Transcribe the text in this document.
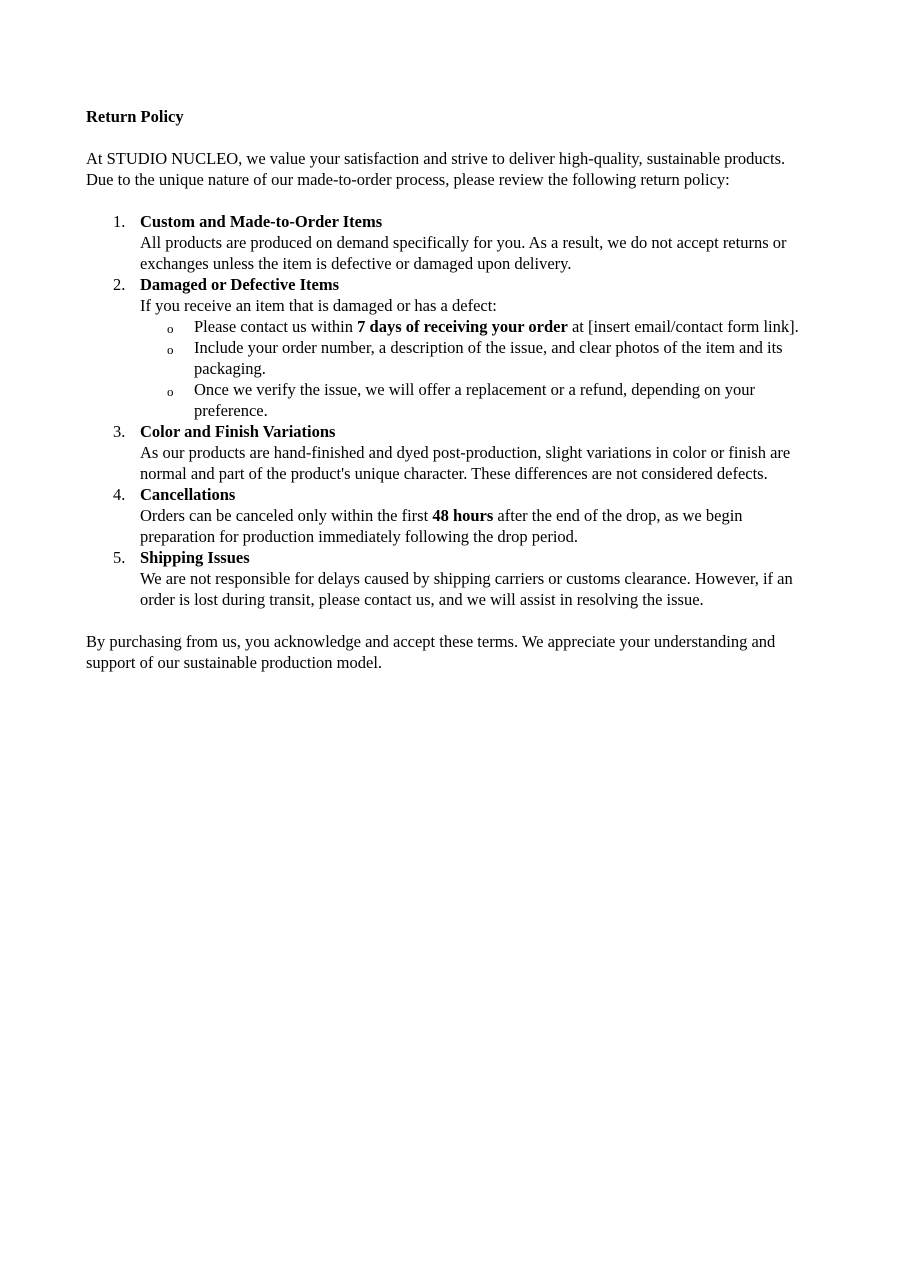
Return Policy

At STUDIO NUCLEO, we value your satisfaction and strive to deliver high-quality, sustainable products. Due to the unique nature of our made-to-order process, please review the following return policy:

1. Custom and Made-to-Order Items
All products are produced on demand specifically for you. As a result, we do not accept returns or exchanges unless the item is defective or damaged upon delivery.
2. Damaged or Defective Items
If you receive an item that is damaged or has a defect:
o Please contact us within 7 days of receiving your order at [insert email/contact form link].
o Include your order number, a description of the issue, and clear photos of the item and its packaging.
o Once we verify the issue, we will offer a replacement or a refund, depending on your preference.
3. Color and Finish Variations
As our products are hand-finished and dyed post-production, slight variations in color or finish are normal and part of the product's unique character. These differences are not considered defects.
4. Cancellations
Orders can be canceled only within the first 48 hours after the end of the drop, as we begin preparation for production immediately following the drop period.
5. Shipping Issues
We are not responsible for delays caused by shipping carriers or customs clearance. However, if an order is lost during transit, please contact us, and we will assist in resolving the issue.

By purchasing from us, you acknowledge and accept these terms. We appreciate your understanding and support of our sustainable production model.
